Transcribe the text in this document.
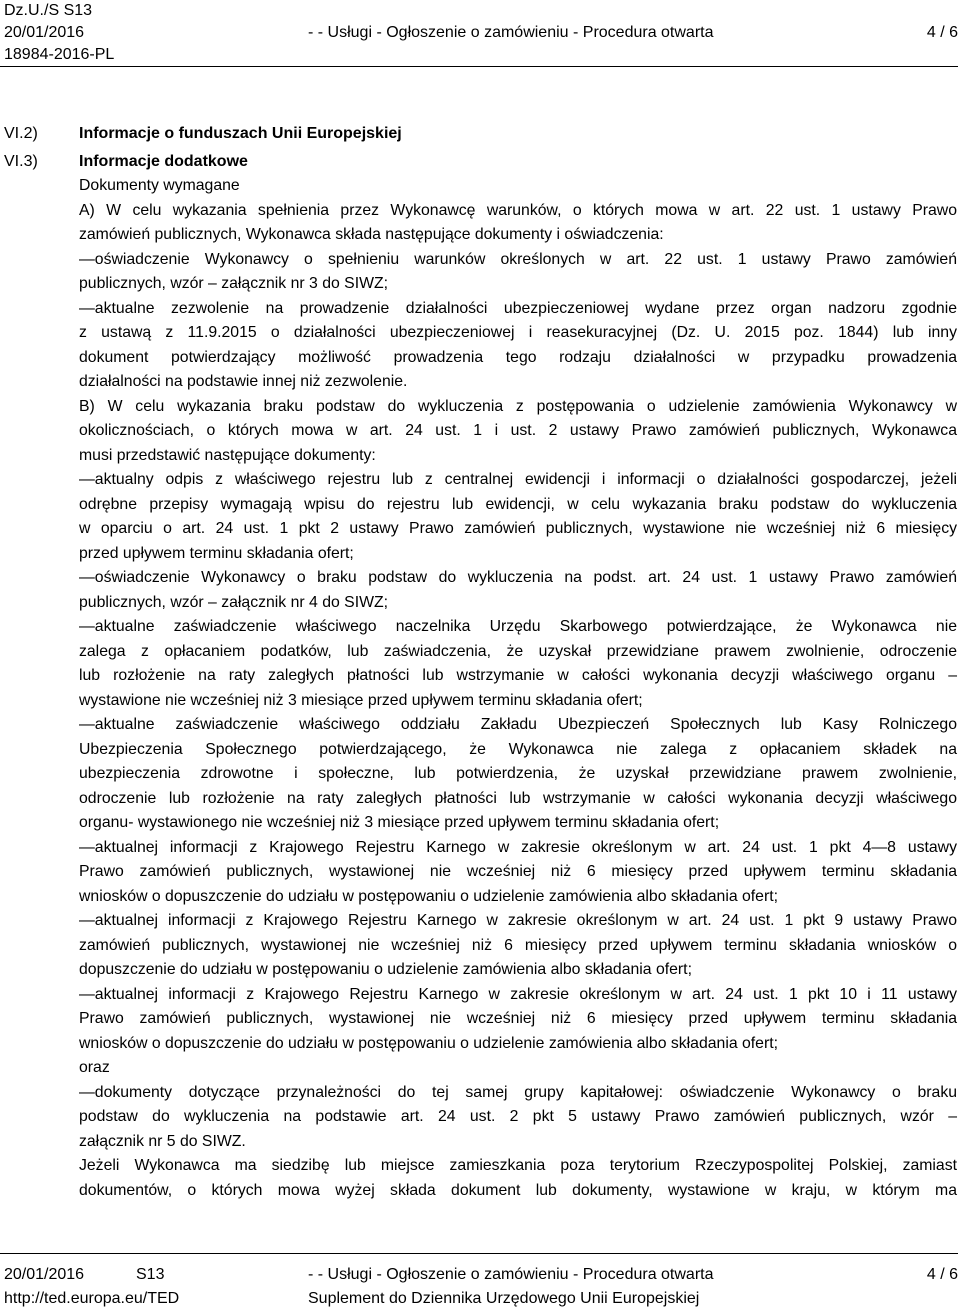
Dz.U./S S13
20/01/2016	- - Usługi - Ogłoszenie o zamówieniu - Procedura otwarta	4 / 6
18984-2016-PL
VI.2)	Informacje o funduszach Unii Europejskiej
VI.3)	Informacje dodatkowe
Dokumenty wymagane
A) W celu wykazania spełnienia przez Wykonawcę warunków, o których mowa w art. 22 ust. 1 ustawy Prawo
zamówień publicznych, Wykonawca składa następujące dokumenty i oświadczenia:
—oświadczenie Wykonawcy o spełnieniu warunków określonych w art. 22 ust. 1 ustawy Prawo zamówień
publicznych, wzór – załącznik nr 3 do SIWZ;
—aktualne zezwolenie na prowadzenie działalności ubezpieczeniowej wydane przez organ nadzoru zgodnie
z ustawą z 11.9.2015 o działalności ubezpieczeniowej i reasekuracyjnej (Dz. U. 2015 poz. 1844) lub inny
dokument potwierdzający możliwość prowadzenia tego rodzaju działalności w przypadku prowadzenia
działalności na podstawie innej niż zezwolenie.
B) W celu wykazania braku podstaw do wykluczenia z postępowania o udzielenie zamówienia Wykonawcy w
okolicznościach, o których mowa w art. 24 ust. 1 i ust. 2 ustawy Prawo zamówień publicznych, Wykonawca
musi przedstawić następujące dokumenty:
—aktualny odpis z właściwego rejestru lub z centralnej ewidencji i informacji o działalności gospodarczej, jeżeli
odrębne przepisy wymagają wpisu do rejestru lub ewidencji, w celu wykazania braku podstaw do wykluczenia
w oparciu o art. 24 ust. 1 pkt 2 ustawy Prawo zamówień publicznych, wystawione nie wcześniej niż 6 miesięcy
przed upływem terminu składania ofert;
—oświadczenie Wykonawcy o braku podstaw do wykluczenia na podst. art. 24 ust. 1 ustawy Prawo zamówień
publicznych, wzór – załącznik nr 4 do SIWZ;
—aktualne zaświadczenie właściwego naczelnika Urzędu Skarbowego potwierdzające, że Wykonawca nie
zalega z opłacaniem podatków, lub zaświadczenia, że uzyskał przewidziane prawem zwolnienie, odroczenie
lub rozłożenie na raty zaległych płatności lub wstrzymanie w całości wykonania decyzji właściwego organu –
wystawione nie wcześniej niż 3 miesiące przed upływem terminu składania ofert;
—aktualne zaświadczenie właściwego oddziału Zakładu Ubezpieczeń Społecznych lub Kasy Rolniczego
Ubezpieczenia Społecznego potwierdzającego, że Wykonawca nie zalega z opłacaniem składek na
ubezpieczenia zdrowotne i społeczne, lub potwierdzenia, że uzyskał przewidziane prawem zwolnienie,
odroczenie lub rozłożenie na raty zaległych płatności lub wstrzymanie w całości wykonania decyzji właściwego
organu- wystawionego nie wcześniej niż 3 miesiące przed upływem terminu składania ofert;
—aktualnej informacji z Krajowego Rejestru Karnego w zakresie określonym w art. 24 ust. 1 pkt 4—8 ustawy
Prawo zamówień publicznych, wystawionej nie wcześniej niż 6 miesięcy przed upływem terminu składania
wniosków o dopuszczenie do udziału w postępowaniu o udzielenie zamówienia albo składania ofert;
—aktualnej informacji z Krajowego Rejestru Karnego w zakresie określonym w art. 24 ust. 1 pkt 9 ustawy Prawo
zamówień publicznych, wystawionej nie wcześniej niż 6 miesięcy przed upływem terminu składania wniosków o
dopuszczenie do udziału w postępowaniu o udzielenie zamówienia albo składania ofert;
—aktualnej informacji z Krajowego Rejestru Karnego w zakresie określonym w art. 24 ust. 1 pkt 10 i 11 ustawy
Prawo zamówień publicznych, wystawionej nie wcześniej niż 6 miesięcy przed upływem terminu składania
wniosków o dopuszczenie do udziału w postępowaniu o udzielenie zamówienia albo składania ofert;
oraz
—dokumenty dotyczące przynależności do tej samej grupy kapitałowej: oświadczenie Wykonawcy o braku
podstaw do wykluczenia na podstawie art. 24 ust. 2 pkt 5 ustawy Prawo zamówień publicznych, wzór –
załącznik nr 5 do SIWZ.
Jeżeli Wykonawca ma siedzibę lub miejsce zamieszkania poza terytorium Rzeczypospolitej Polskiej, zamiast
dokumentów, o których mowa wyżej składa dokument lub dokumenty, wystawione w kraju, w którym ma
20/01/2016	S13	- - Usługi - Ogłoszenie o zamówieniu - Procedura otwarta	4 / 6
http://ted.europa.eu/TED	Suplement do Dziennika Urzędowego Unii Europejskiej
